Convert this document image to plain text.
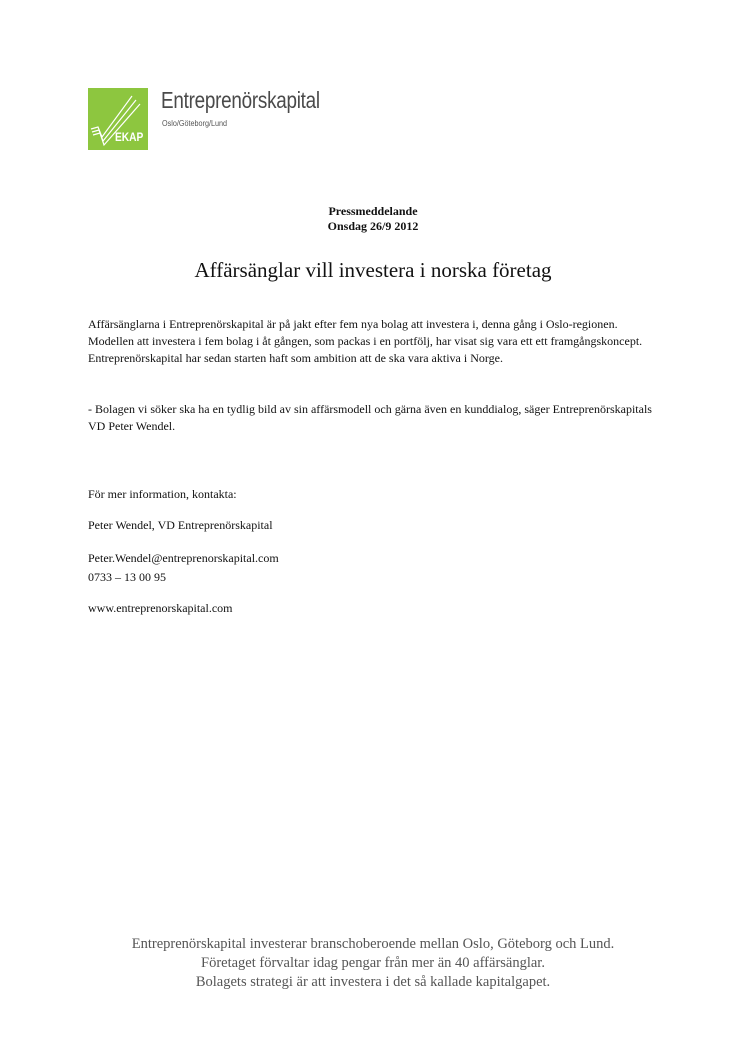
EKAP
Entreprenörskapital
Oslo/Göteborg/Lund
Pressmeddelande
Onsdag 26/9 2012
Affärsänglar vill investera i norska företag

Affärsänglarna i Entreprenörskapital är på jakt efter fem nya bolag att investera i, denna gång i Oslo-regionen. Modellen att investera i fem bolag i åt gången, som packas i en portfölj, har visat sig vara ett ett framgångskoncept. Entreprenörskapital har sedan starten haft som ambition att de ska vara aktiva i Norge.

- Bolagen vi söker ska ha en tydlig bild av sin affärsmodell och gärna även en kunddialog, säger Entreprenörskapitals VD Peter Wendel.

För mer information, kontakta:
Peter Wendel, VD Entreprenörskapital
Peter.Wendel@entreprenorskapital.com
0733 – 13 00 95
www.entreprenorskapital.com
Entreprenörskapital investerar branschoberoende mellan Oslo, Göteborg och Lund.
Företaget förvaltar idag pengar från mer än 40 affärsänglar.
Bolagets strategi är att investera i det så kallade kapitalgapet.
